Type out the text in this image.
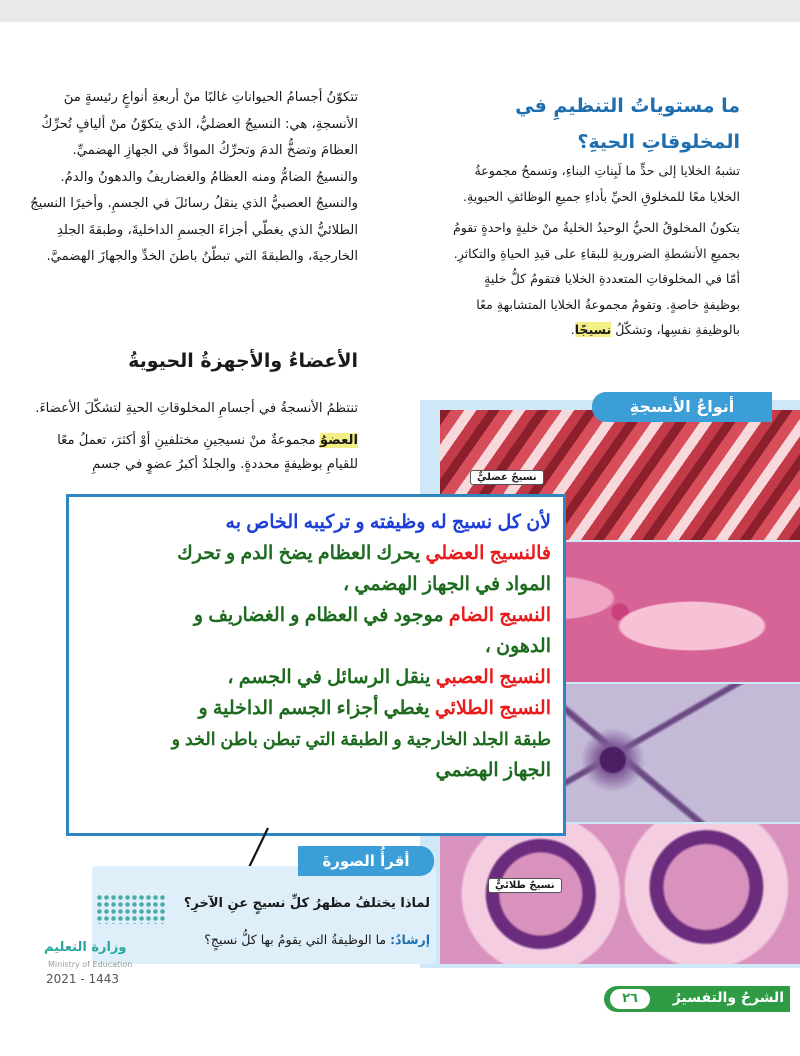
تتكوّنُ أجسامُ الحيواناتِ غالبًا منْ أربعةِ أنواعٍ رئيسةٍ منَ الأنسجةِ، هي: النسيجُ العضليُّ، الذي يتكوّنُ منْ أليافٍ تُحرِّكُ العظامَ وتضخُّ الدمَ وتحرِّكُ الموادَّ في الجهازِ الهضميِّ. والنسيجُ الضامُّ ومنه العظامُ والغضاريفُ والدهونُ والدمُ. والنسيجُ العصبيُّ الذي ينقلُ رسائلَ في الجسمِ. وأخيرًا النسيجُ الطلائيُّ الذي يغطّي أجزاءَ الجسمِ الداخليةَ، وطبقةَ الجلدِ الخارجيةَ، والطبقةَ التي تبطّنُ باطنَ الخدِّ والجهازَ الهضميَّ.

الأعضاءُ والأجهزةُ الحيويةُ
تنتظمُ الأنسجةُ في أجسامِ المخلوقاتِ الحيةِ لتشكّلَ الأعضاءَ.
العضوُ مجموعةٌ منْ نسيجينِ مختلفينِ أوْ أكثرَ، تعملُ معًا للقيامِ بوظيفةٍ محددةٍ. والجلدُ أكبرُ عضوٍ في جسمِ
ما مستوياتُ التنظيمِ في المخلوقاتِ الحيةِ؟

تشبهُ الخلايا إلى حدٍّ ما لَبِناتِ البناءِ، وتسمحُ مجموعةُ الخلايا معًا للمخلوقِ الحيِّ بأداءِ جميعِ الوظائفِ الحيويةِ.

يتكونُ المخلوقُ الحيُّ الوحيدُ الخليةُ منْ خليةٍ واحدةٍ تقومُ بجميعِ الأنشطةِ الضروريةِ للبقاءِ على قيدِ الحياةِ والتكاثرِ. أمّا في المخلوقاتِ المتعددةِ الخلايا فتقومُ كلُّ خليةٍ بوظيفةٍ خاصةٍ. وتقومُ مجموعةُ الخلايا المتشابهةِ معًا بالوظيفةِ نفسِها، وتشكّلُ نسيجًا.

أنواعُ الأنسجةِ
نسيجٌ عضليٌّ
نسيجٌ طلائيٌّ

لأن كل نسيج له وظيفته و تركيبه الخاص به

فالنسيج العضلي يحرك العظام يضخ الدم و تحرك

المواد في الجهاز الهضمي ،

النسيج الضام موجود في العظام و الغضاريف و

الدهون ،

النسيج العصبي ينقل الرسائل في الجسم ،

النسيج الطلائي يغطي أجزاء الجسم الداخلية و

طبقة الجلد الخارجية و الطبقة التي تبطن باطن الخد و

الجهاز الهضمي

أقرأُ الصورةَ
لماذا يختلفُ مظهرُ كلِّ نسيجٍ عنِ الآخرِ؟
إرشادٌ: ما الوظيفةُ التي يقومُ بها كلُّ نسيجٍ؟
وزارة التعليم
Ministry of Education
2021 - 1443
الشرحُ والتفسيرُ
٢٦
